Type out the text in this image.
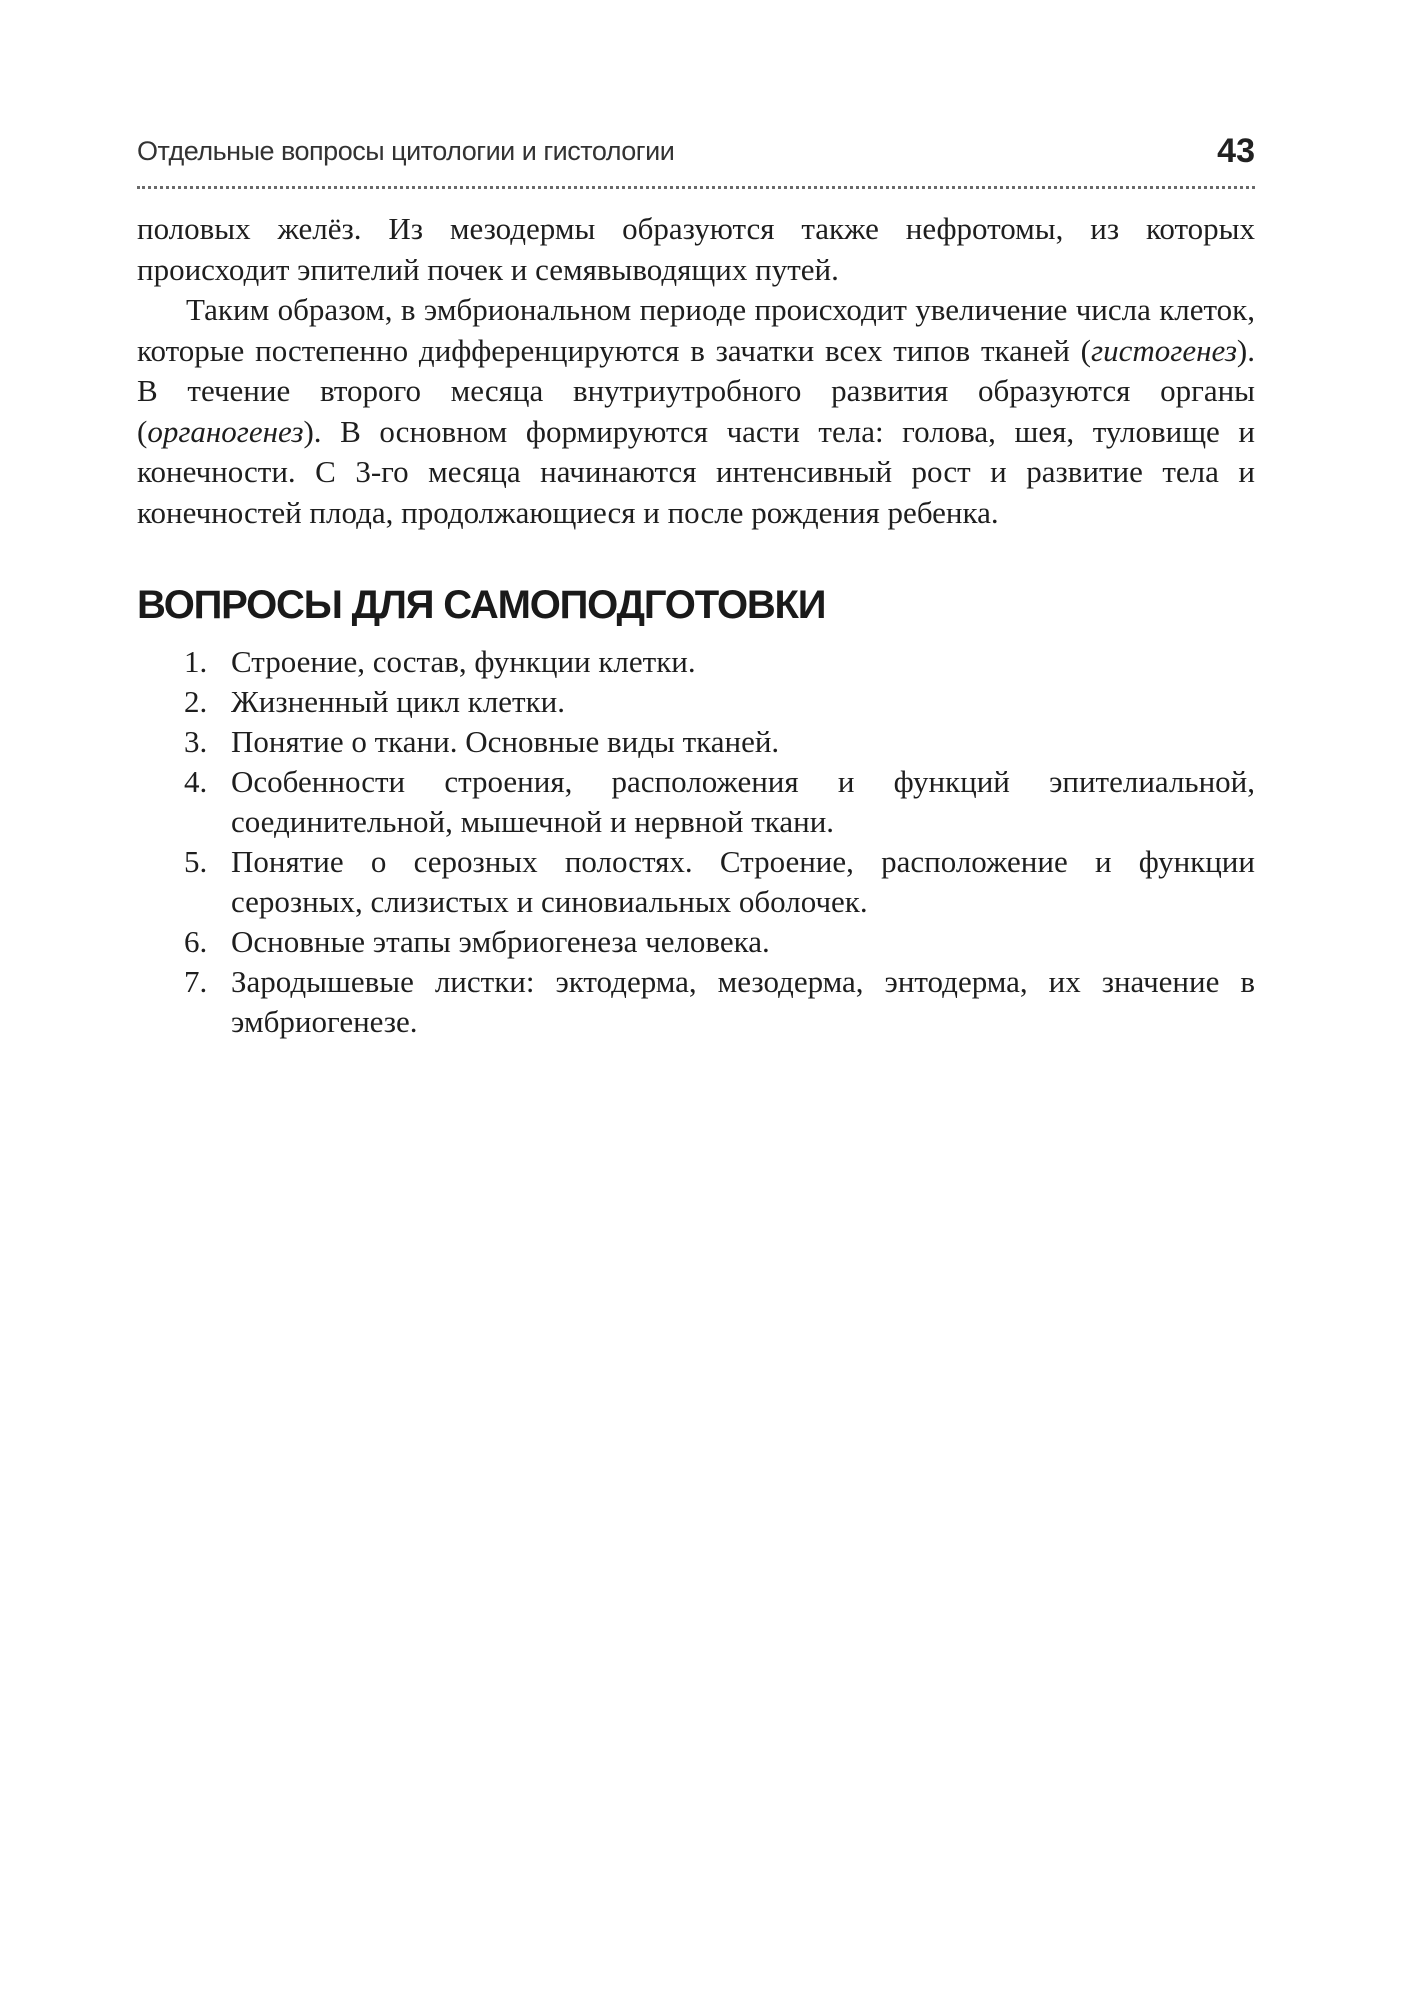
Отдельные вопросы цитологии и гистологии	43

половых желёз. Из мезодермы образуются также нефротомы, из которых происходит эпителий почек и семявыводящих путей.

Таким образом, в эмбриональном периоде происходит увеличение числа клеток, которые постепенно дифференцируются в зачатки всех типов тканей (гистогенез). В течение второго месяца внутриутробного развития образуются органы (органогенез). В основном формируются части тела: голова, шея, туловище и конечности. С 3-го месяца начинаются интенсивный рост и развитие тела и конечностей плода, продолжающиеся и после рождения ребенка.

ВОПРОСЫ ДЛЯ САМОПОДГОТОВКИ
1. Строение, состав, функции клетки.
2. Жизненный цикл клетки.
3. Понятие о ткани. Основные виды тканей.
4. Особенности строения, расположения и функций эпителиальной, соединительной, мышечной и нервной ткани.
5. Понятие о серозных полостях. Строение, расположение и функции серозных, слизистых и синовиальных оболочек.
6. Основные этапы эмбриогенеза человека.
7. Зародышевые листки: эктодерма, мезодерма, энтодерма, их значение в эмбриогенезе.
